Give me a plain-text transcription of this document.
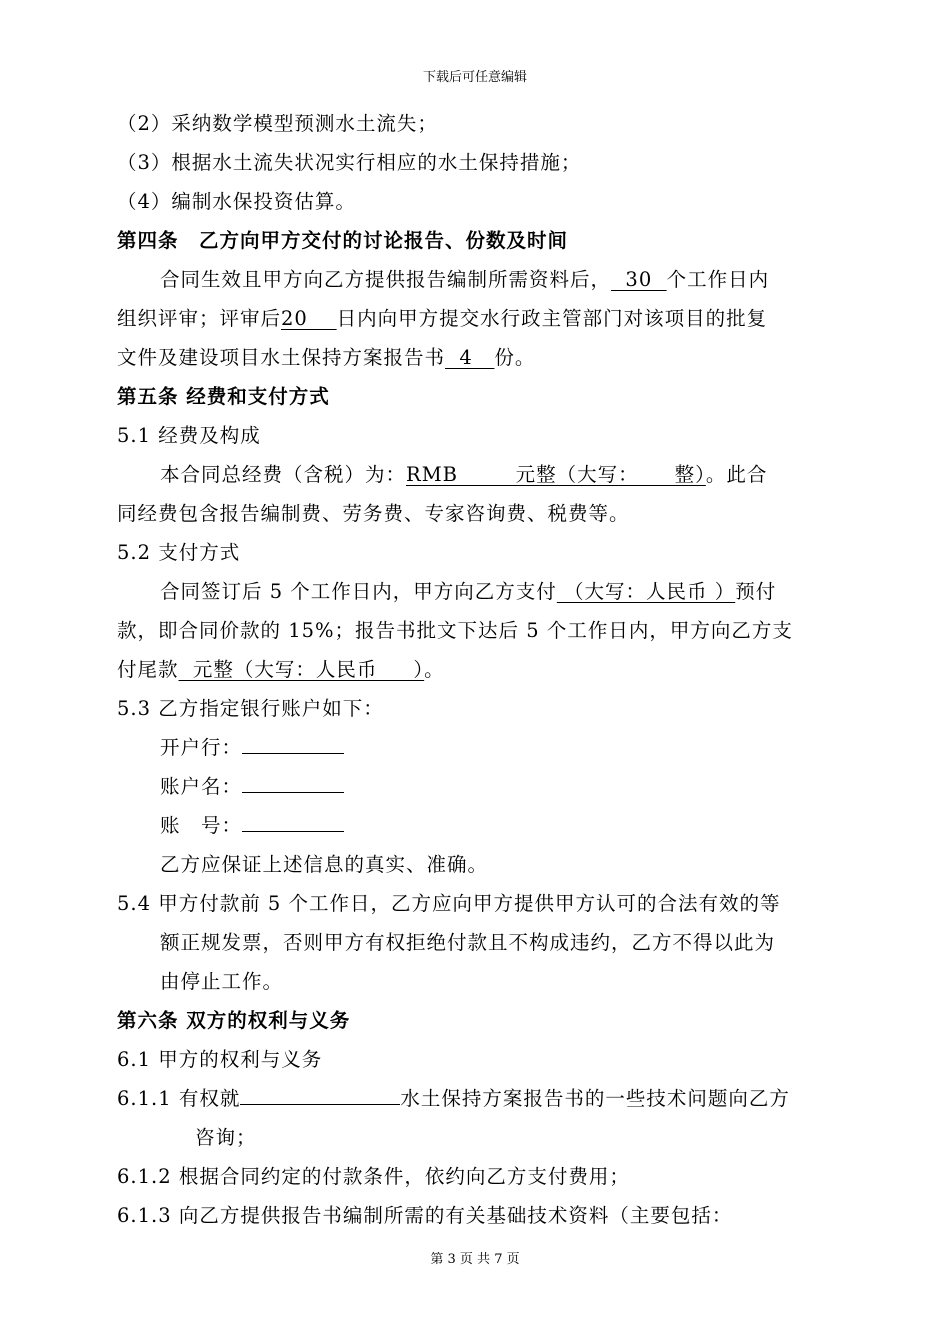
下载后可任意编辑

（2）采纳数学模型预测水土流失；

（3）根据水土流失状况实行相应的水土保持措施；

（4）编制水保投资估算。

第四条　乙方向甲方交付的讨论报告、份数及时间

合同生效且甲方向乙方提供报告编制所需资料后，  30  个工作日内

组织评审；评审后20    日内向甲方提交水行政主管部门对该项目的批复

文件及建设项目水土保持方案报告书  4   份。

第五条 经费和支付方式

5.1 经费及构成

本合同总经费（含税）为：RMB        元整（大写：     整）。此合

同经费包含报告编制费、劳务费、专家咨询费、税费等。

5.2 支付方式

合同签订后 5 个工作日内，甲方向乙方支付 （大写：人民币 ）预付

款，即合同价款的 15%；报告书批文下达后 5 个工作日内，甲方向乙方支

付尾款  元整（大写：人民币     ）。

5.3 乙方指定银行账户如下：

开户行：

账户名：

账　号：

乙方应保证上述信息的真实、准确。

5.4 甲方付款前 5 个工作日，乙方应向甲方提供甲方认可的合法有效的等

额正规发票，否则甲方有权拒绝付款且不构成违约，乙方不得以此为

由停止工作。

第六条 双方的权利与义务

6.1 甲方的权利与义务

6.1.1 有权就	水土保持方案报告书的一些技术问题向乙方

咨询；

6.1.2 根据合同约定的付款条件，依约向乙方支付费用；

6.1.3 向乙方提供报告书编制所需的有关基础技术资料（主要包括：

第 3 页 共 7 页
